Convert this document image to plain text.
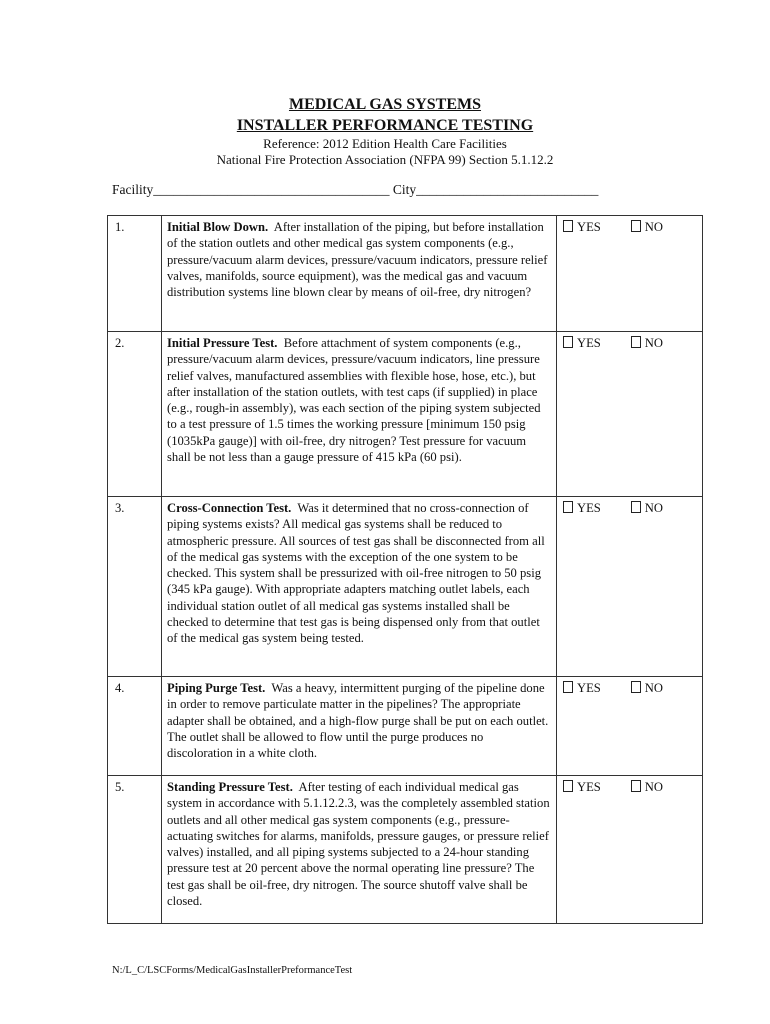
MEDICAL GAS SYSTEMS
INSTALLER PERFORMANCE TESTING
Reference: 2012 Edition Health Care Facilities
National Fire Protection Association (NFPA 99) Section 5.1.12.2
Facility___________________________________ City___________________________
1.	Initial Blow Down. After installation of the piping, but before installation of the station outlets and other medical gas system components (e.g., pressure/vacuum alarm devices, pressure/vacuum indicators, pressure relief valves, manifolds, source equipment), was the medical gas and vacuum distribution systems line blown clear by means of oil-free, dry nitrogen?	YES NO
2.	Initial Pressure Test. Before attachment of system components (e.g., pressure/vacuum alarm devices, pressure/vacuum indicators, line pressure relief valves, manufactured assemblies with flexible hose, hose, etc.), but after installation of the station outlets, with test caps (if supplied) in place (e.g., rough-in assembly), was each section of the piping system subjected to a test pressure of 1.5 times the working pressure [minimum 150 psig (1035kPa gauge)] with oil-free, dry nitrogen? Test pressure for vacuum shall be not less than a gauge pressure of 415 kPa (60 psi).	YES NO
3.	Cross-Connection Test. Was it determined that no cross-connection of piping systems exists? All medical gas systems shall be reduced to atmospheric pressure. All sources of test gas shall be disconnected from all of the medical gas systems with the exception of the one system to be checked. This system shall be pressurized with oil-free nitrogen to 50 psig (345 kPa gauge). With appropriate adapters matching outlet labels, each individual station outlet of all medical gas systems installed shall be checked to determine that test gas is being dispensed only from that outlet of the medical gas system being tested.	YES NO
4.	Piping Purge Test. Was a heavy, intermittent purging of the pipeline done in order to remove particulate matter in the pipelines? The appropriate adapter shall be obtained, and a high-flow purge shall be put on each outlet. The outlet shall be allowed to flow until the purge produces no discoloration in a white cloth.	YES NO
5.	Standing Pressure Test. After testing of each individual medical gas system in accordance with 5.1.12.2.3, was the completely assembled station outlets and all other medical gas system components (e.g., pressure-actuating switches for alarms, manifolds, pressure gauges, or pressure relief valves) installed, and all piping systems subjected to a 24-hour standing pressure test at 20 percent above the normal operating line pressure? The test gas shall be oil-free, dry nitrogen. The source shutoff valve shall be closed.	YES NO
N:/L_C/LSCForms/MedicalGasInstallerPreformanceTest
